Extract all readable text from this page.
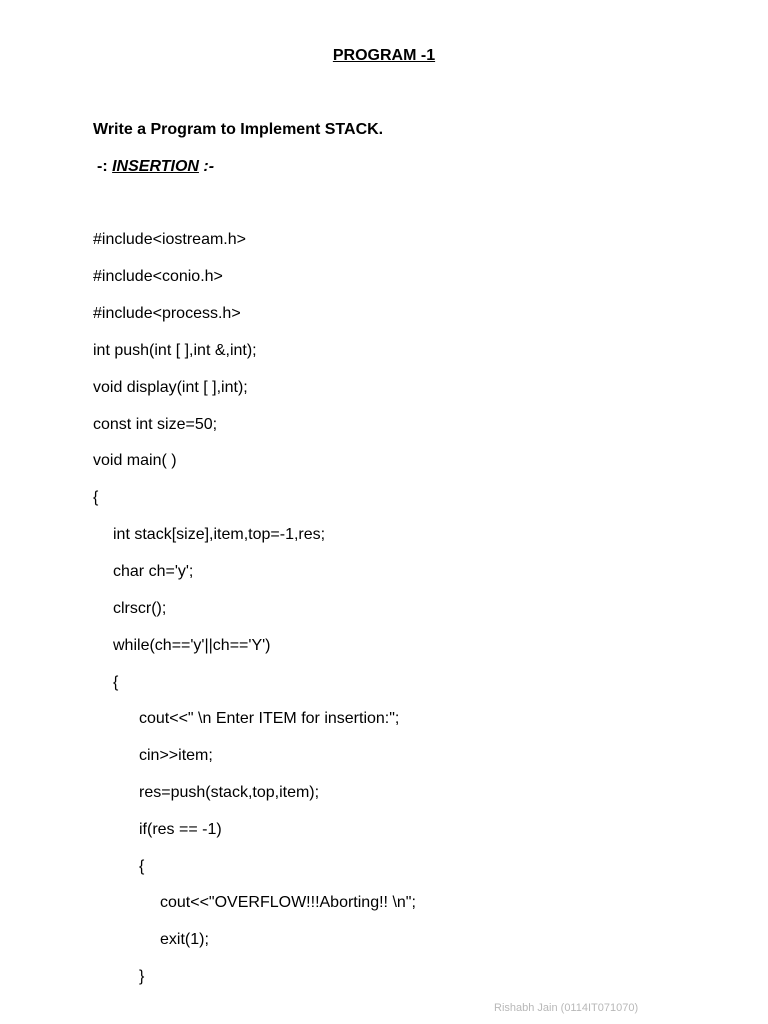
PROGRAM -1
Write a Program to Implement STACK.
-: INSERTION :-
#include<iostream.h>
#include<conio.h>
#include<process.h>
int push(int [ ],int &,int);
void display(int [ ],int);
const int size=50;
void main( )
{
int stack[size],item,top=-1,res;
char ch='y';
clrscr();
while(ch=='y'||ch=='Y')
{
cout<<" \n Enter ITEM for insertion:";
cin>>item;
res=push(stack,top,item);
if(res == -1)
{
cout<<"OVERFLOW!!!Aborting!! \n";
exit(1);
}
Rishabh Jain (0114IT071070)
